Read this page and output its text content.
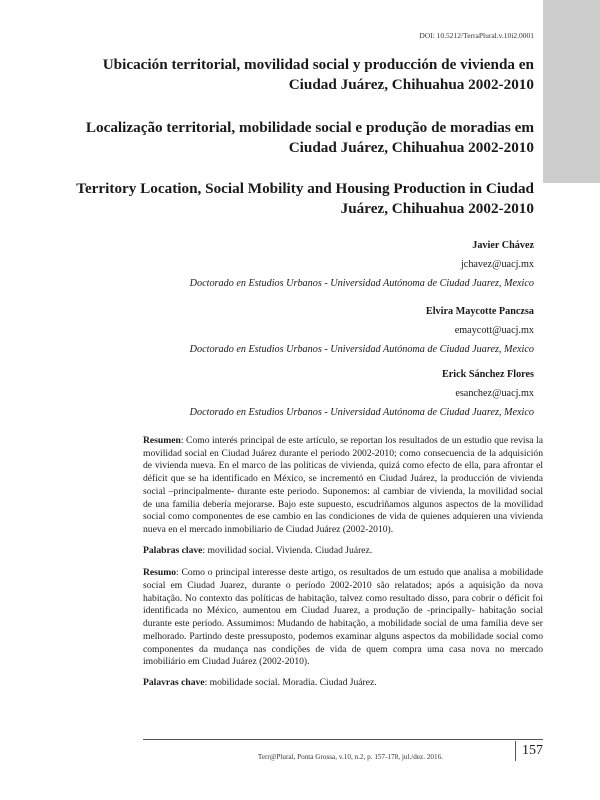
DOI: 10.5212/TerraPlural.v.10i2.0001
Ubicación territorial, movilidad social y producción de vivienda en Ciudad Juárez, Chihuahua 2002-2010
Localização territorial, mobilidade social e produção de moradias em Ciudad Juárez, Chihuahua 2002-2010
Territory Location, Social Mobility and Housing Production in Ciudad Juárez, Chihuahua 2002-2010
Javier Chávez
jchavez@uacj.mx
Doctorado en Estudios Urbanos - Universidad Autónoma de Ciudad Juarez, Mexico
Elvira Maycotte Panczsa
emaycott@uacj.mx
Doctorado en Estudios Urbanos - Universidad Autónoma de Ciudad Juarez, Mexico
Erick Sánchez Flores
esanchez@uacj.mx
Doctorado en Estudios Urbanos - Universidad Autónoma de Ciudad Juarez, Mexico

Resumen: Como interés principal de este artículo, se reportan los resultados de un estudio que revisa la movilidad social en Ciudad Juárez durante el periodo 2002-2010; como consecuencia de la adquisición de vivienda nueva. En el marco de las políticas de vivienda, quizá como efecto de ella, para afrontar el déficit que se ha identificado en México, se incrementó en Ciudad Juárez, la producción de vivienda social –principalmente- durante este periodo. Suponemos: al cambiar de vivienda, la movilidad social de una familia debería mejorarse. Bajo este supuesto, escudriñamos algunos aspectos de la movilidad social como componentes de ese cambio en las condiciones de vida de quienes adquieren una vivienda nueva en el mercado inmobiliario de Ciudad Juárez (2002-2010).

Palabras clave: movilidad social. Vivienda. Ciudad Juárez.

Resumo: Como o principal interesse deste artigo, os resultados de um estudo que analisa a mobilidade social em Ciudad Juarez, durante o período 2002-2010 são relatados; após a aquisição da nova habitação. No contexto das políticas de habitação, talvez como resultado disso, para cobrir o déficit foi identificada no México, aumentou em Ciudad Juarez, a produção de -principally- habitação social durante este período. Assumimos: Mudando de habitação, a mobilidade social de uma família deve ser melhorado. Partindo deste pressuposto, podemos examinar alguns aspectos da mobilidade social como componentes da mudança nas condições de vida de quem compra uma casa nova no mercado imobiliário em Ciudad Juárez (2002-2010).

Palavras chave: mobilidade social. Moradia. Ciudad Juárez.

Terr@Plural, Ponta Grossa, v.10, n.2, p. 157-178, jul./dez. 2016.	157
